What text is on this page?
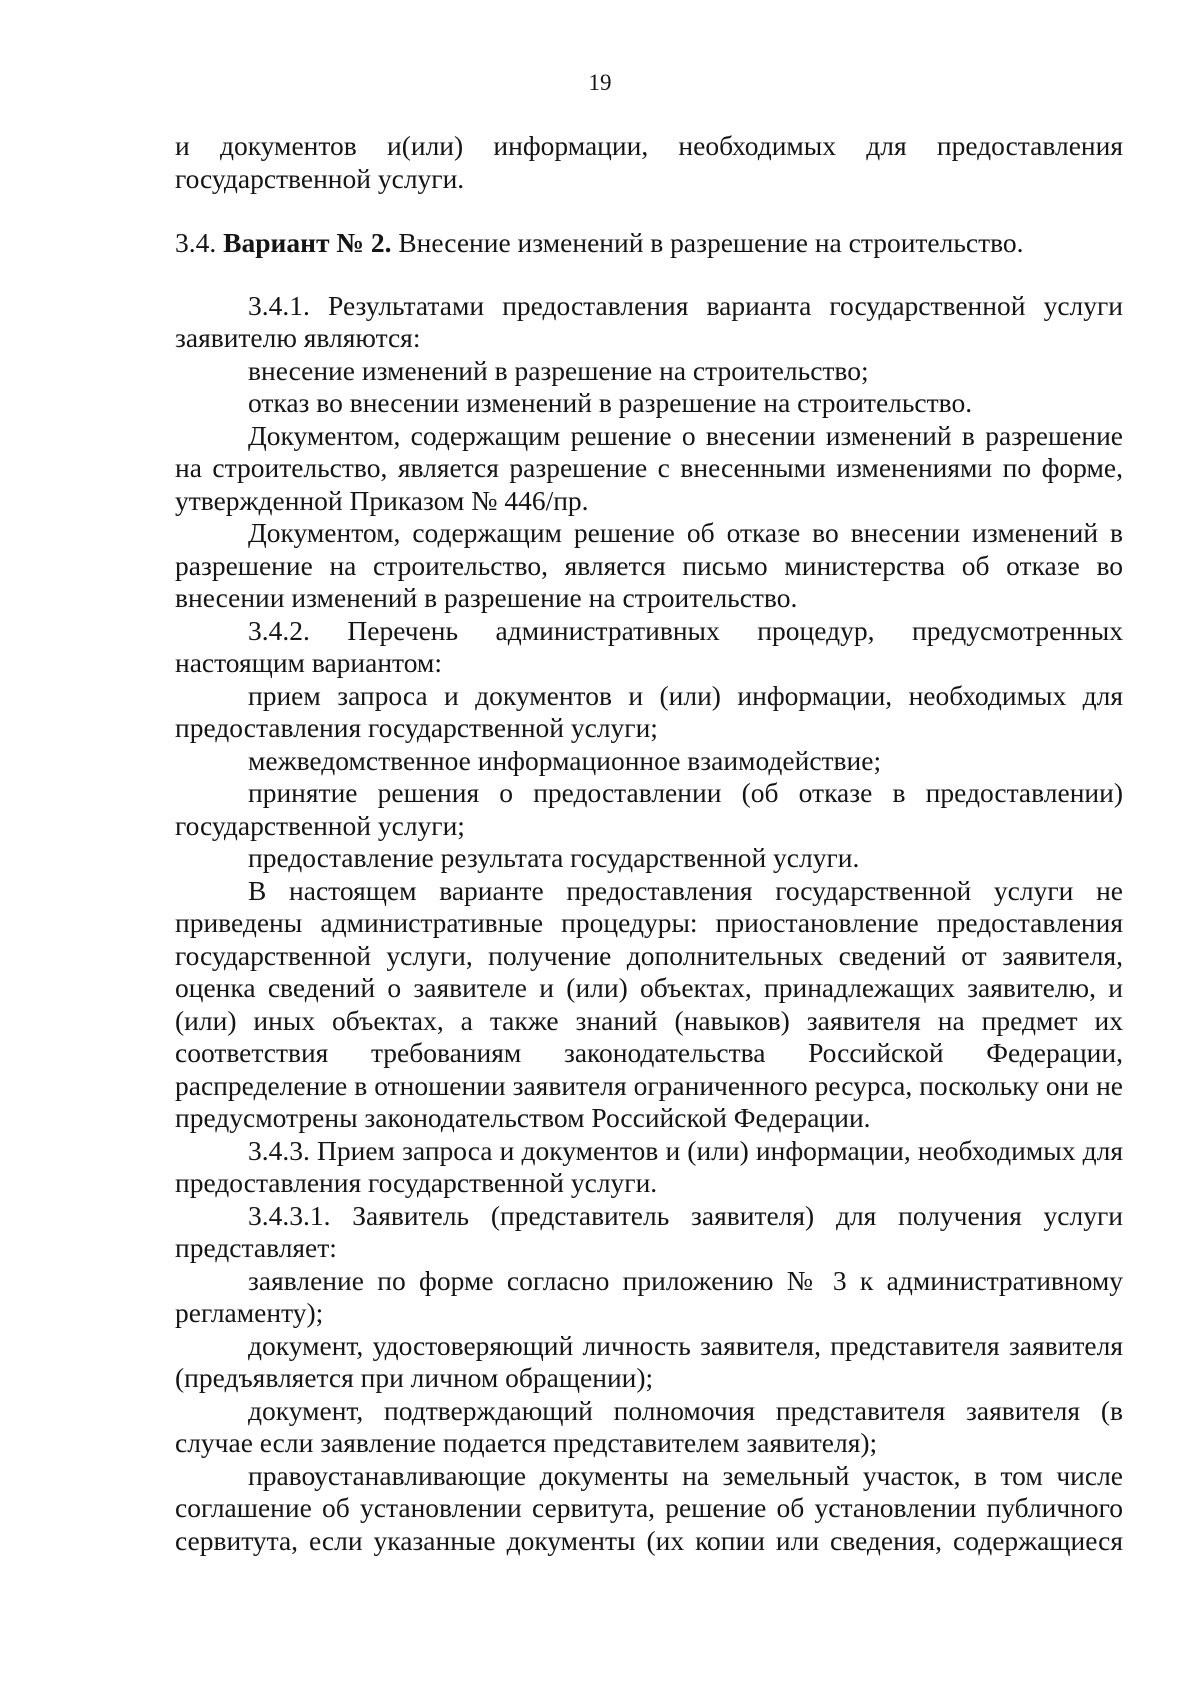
19

и документов и(или) информации, необходимых для предоставления государственной услуги.

3.4. Вариант № 2. Внесение изменений в разрешение на строительство.

3.4.1. Результатами предоставления варианта государственной услуги заявителю являются:

внесение изменений в разрешение на строительство;

отказ во внесении изменений в разрешение на строительство.

Документом, содержащим решение о внесении изменений в разрешение на строительство, является разрешение с внесенными изменениями по форме, утвержденной Приказом № 446/пр.

Документом, содержащим решение об отказе во внесении изменений в разрешение на строительство, является письмо министерства об отказе во внесении изменений в разрешение на строительство.

3.4.2. Перечень административных процедур, предусмотренных настоящим вариантом:

прием запроса и документов и (или) информации, необходимых для предоставления государственной услуги;

межведомственное информационное взаимодействие;

принятие решения о предоставлении (об отказе в предоставлении) государственной услуги;

предоставление результата государственной услуги.

В настоящем варианте предоставления государственной услуги не приведены административные процедуры: приостановление предоставления государственной услуги, получение дополнительных сведений от заявителя, оценка сведений о заявителе и (или) объектах, принадлежащих заявителю, и (или) иных объектах, а также знаний (навыков) заявителя на предмет их соответствия требованиям законодательства Российской Федерации, распределение в отношении заявителя ограниченного ресурса, поскольку они не предусмотрены законодательством Российской Федерации.

3.4.3. Прием запроса и документов и (или) информации, необходимых для предоставления государственной услуги.

3.4.3.1. Заявитель (представитель заявителя) для получения услуги представляет:

заявление по форме согласно приложению № 3 к административному регламенту);

документ, удостоверяющий личность заявителя, представителя заявителя (предъявляется при личном обращении);

документ, подтверждающий полномочия представителя заявителя (в случае если заявление подается представителем заявителя);

правоустанавливающие документы на земельный участок, в том числе соглашение об установлении сервитута, решение об установлении публичного сервитута, если указанные документы (их копии или сведения, содержащиеся
